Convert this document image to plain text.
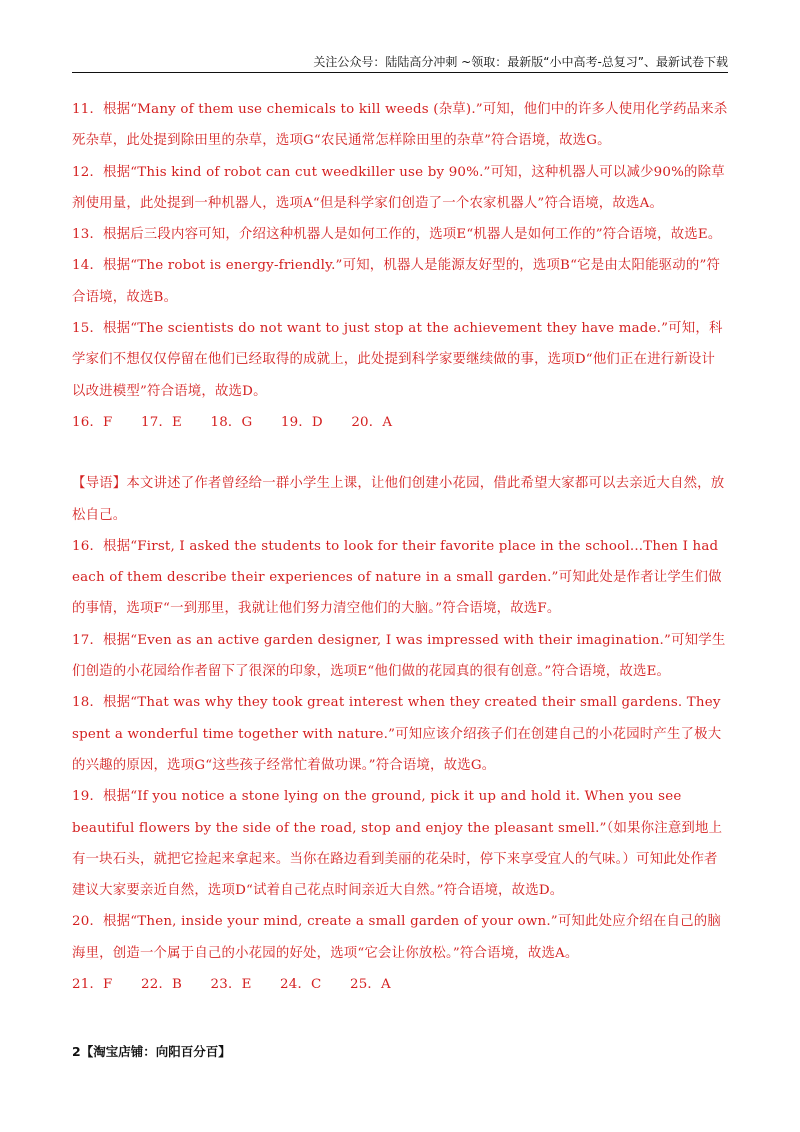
关注公众号：陆陆高分冲刺 ~领取：最新版“小中高考-总复习”、最新试卷下载

11．根据“Many of them use chemicals to kill weeds (杂草).”可知，他们中的许多人使用化学药品来杀死杂草，此处提到除田里的杂草，选项G“农民通常怎样除田里的杂草”符合语境，故选G。

12．根据“This kind of robot can cut weedkiller use by 90%.”可知，这种机器人可以减少90%的除草剂使用量，此处提到一种机器人，选项A“但是科学家们创造了一个农家机器人”符合语境，故选A。

13．根据后三段内容可知，介绍这种机器人是如何工作的，选项E“机器人是如何工作的”符合语境，故选E。

14．根据“The robot is energy-friendly.”可知，机器人是能源友好型的，选项B“它是由太阳能驱动的”符合语境，故选B。

15．根据“The scientists do not want to just stop at the achievement they have made.”可知，科学家们不想仅仅停留在他们已经取得的成就上，此处提到科学家要继续做的事，选项D“他们正在进行新设计以改进模型”符合语境，故选D。

16．F 17．E 18．G 19．D 20．A

【导语】本文讲述了作者曾经给一群小学生上课，让他们创建小花园，借此希望大家都可以去亲近大自然，放松自己。

16．根据“First, I asked the students to look for their favorite place in the school...Then I had each of them describe their experiences of nature in a small garden.”可知此处是作者让学生们做的事情，选项F“一到那里，我就让他们努力清空他们的大脑。”符合语境，故选F。

17．根据“Even as an active garden designer, I was impressed with their imagination.”可知学生们创造的小花园给作者留下了很深的印象，选项E“他们做的花园真的很有创意。”符合语境，故选E。

18．根据“That was why they took great interest when they created their small gardens. They spent a wonderful time together with nature.”可知应该介绍孩子们在创建自己的小花园时产生了极大的兴趣的原因，选项G“这些孩子经常忙着做功课。”符合语境，故选G。

19．根据“If you notice a stone lying on the ground, pick it up and hold it. When you see beautiful flowers by the side of the road, stop and enjoy the pleasant smell.”（如果你注意到地上有一块石头，就把它捡起来拿起来。当你在路边看到美丽的花朵时，停下来享受宜人的气味。）可知此处作者建议大家要亲近自然，选项D“试着自己花点时间亲近大自然。”符合语境，故选D。

20．根据“Then, inside your mind, create a small garden of your own.”可知此处应介绍在自己的脑海里，创造一个属于自己的小花园的好处，选项“它会让你放松。”符合语境，故选A。

21．F 22．B 23．E 24．C 25．A

2【淘宝店铺：向阳百分百】
